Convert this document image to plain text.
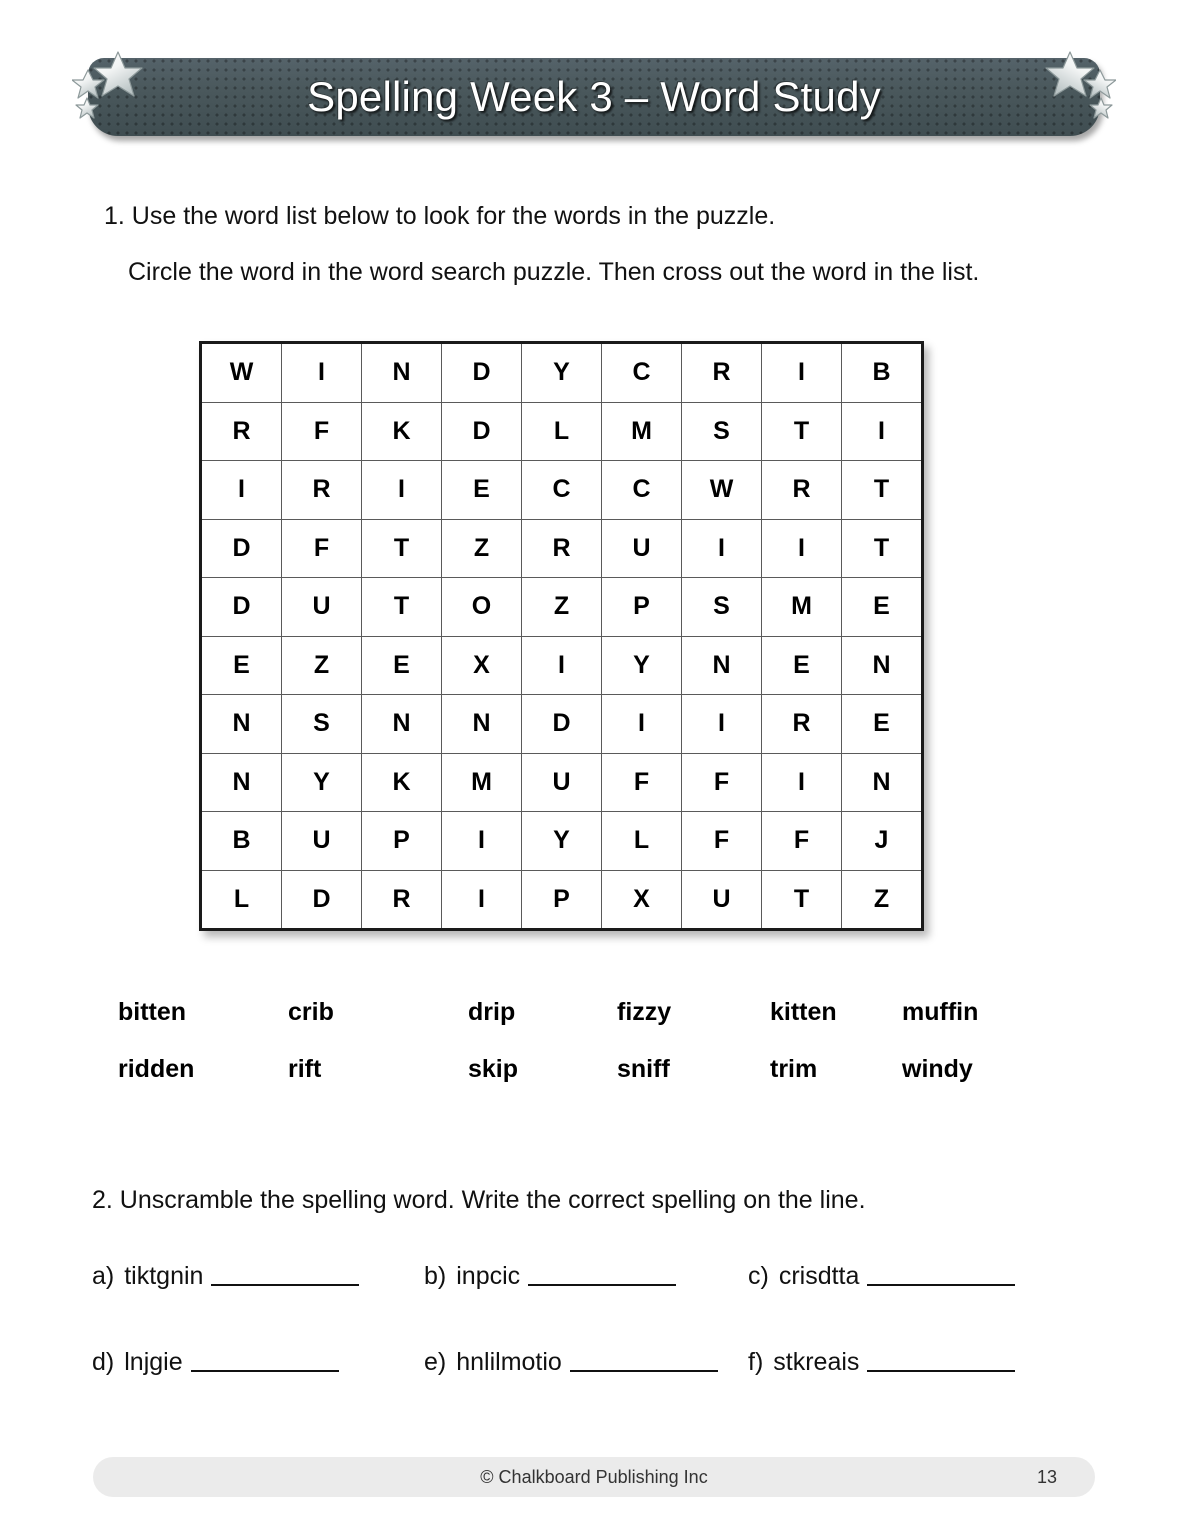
Spelling Week 3 – Word Study
1. Use the word list below to look for the words in the puzzle.
Circle the word in the word search puzzle. Then cross out the word in the list.
W	I	N	D	Y	C	R	I	B
R	F	K	D	L	M	S	T	I
I	R	I	E	C	C	W	R	T
D	F	T	Z	R	U	I	I	T
D	U	T	O	Z	P	S	M	E
E	Z	E	X	I	Y	N	E	N
N	S	N	N	D	I	I	R	E
N	Y	K	M	U	F	F	I	N
B	U	P	I	Y	L	F	F	J
L	D	R	I	P	X	U	T	Z
bitten	crib	drip	fizzy	kitten	muffin
ridden	rift	skip	sniff	trim	windy
2. Unscramble the spelling word. Write the correct spelling on the line.
a) tiktgnin	b) inpcic	c) crisdtta
d) lnjgie	e) hnlilmotio	f) stkreais
© Chalkboard Publishing Inc	13
